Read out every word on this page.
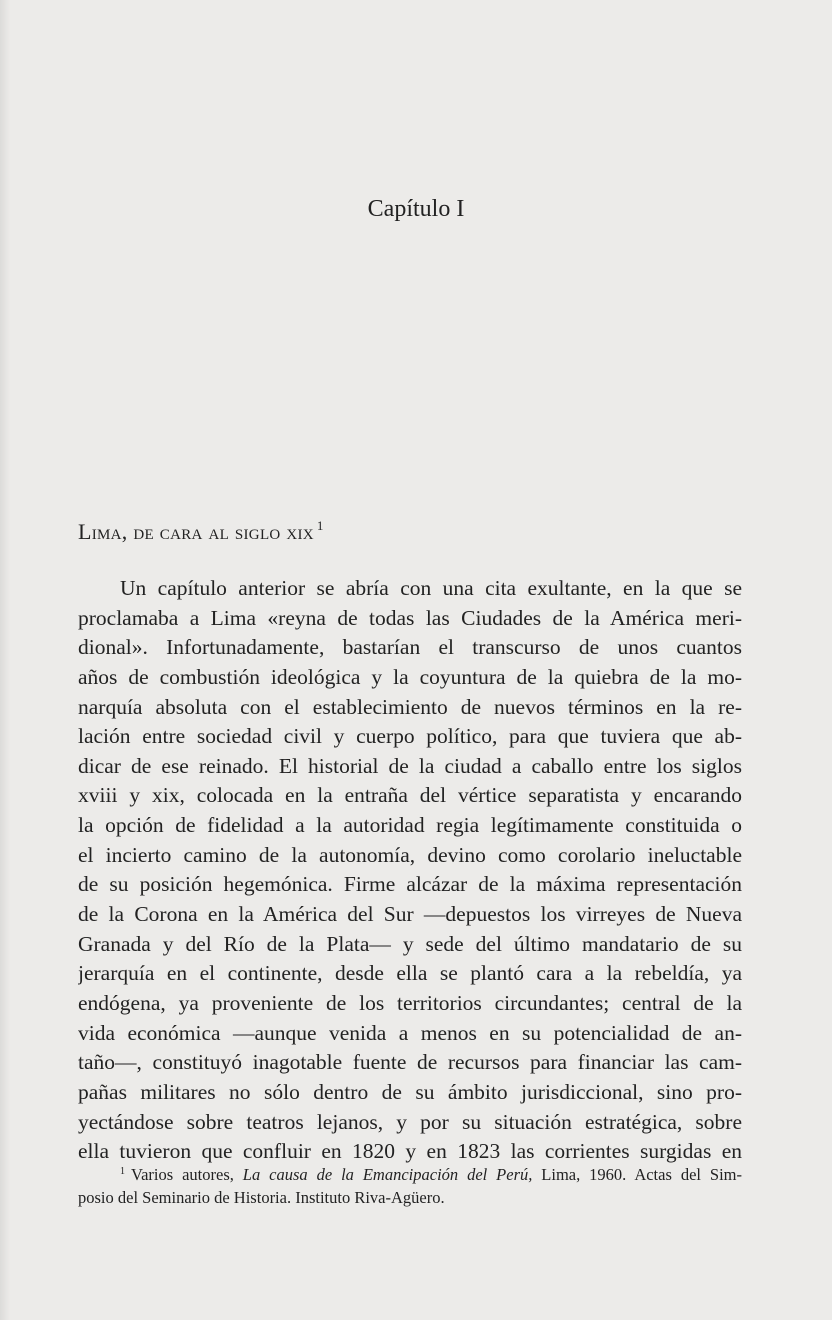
Capítulo I
Lima, de cara al siglo xix $^1$
Un capítulo anterior se abría con una cita exultante, en la que se
proclamaba a Lima «reyna de todas las Ciudades de la América meri-
dional». Infortunadamente, bastarían el transcurso de unos cuantos
años de combustión ideológica y la coyuntura de la quiebra de la mo-
narquía absoluta con el establecimiento de nuevos términos en la re-
lación entre sociedad civil y cuerpo político, para que tuviera que ab-
dicar de ese reinado. El historial de la ciudad a caballo entre los siglos
xviii y xix, colocada en la entraña del vértice separatista y encarando
la opción de fidelidad a la autoridad regia legítimamente constituida o
el incierto camino de la autonomía, devino como corolario ineluctable
de su posición hegemónica. Firme alcázar de la máxima representación
de la Corona en la América del Sur —depuestos los virreyes de Nueva
Granada y del Río de la Plata— y sede del último mandatario de su
jerarquía en el continente, desde ella se plantó cara a la rebeldía, ya
endógena, ya proveniente de los territorios circundantes; central de la
vida económica —aunque venida a menos en su potencialidad de an-
taño—, constituyó inagotable fuente de recursos para financiar las cam-
pañas militares no sólo dentro de su ámbito jurisdiccional, sino pro-
yectándose sobre teatros lejanos, y por su situación estratégica, sobre
ella tuvieron que confluir en 1820 y en 1823 las corrientes surgidas en
$^1$ Varios autores, La causa de la Emancipación del Perú, Lima, 1960. Actas del Sim-
posio del Seminario de Historia. Instituto Riva-Agüero.
